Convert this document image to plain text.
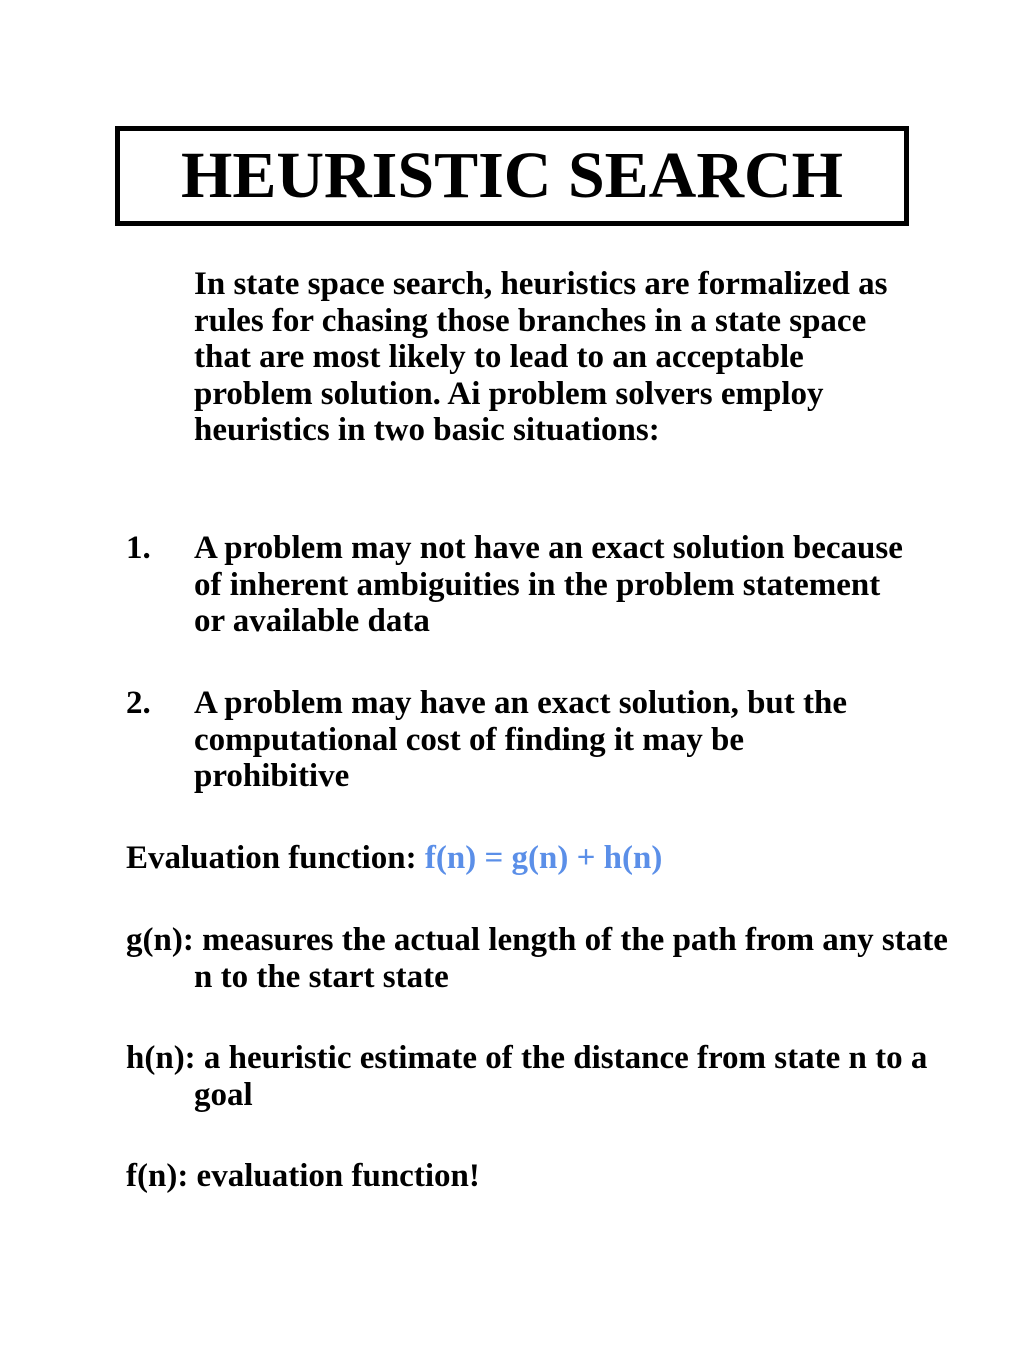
HEURISTIC SEARCH
In state space search, heuristics are formalized as rules for chasing those branches in a state space that are most likely to lead to an acceptable problem solution. Ai problem solvers employ heuristics in two basic situations:
1. A problem may not have an exact solution because of inherent ambiguities in the problem statement or available data
2. A problem may have an exact solution, but the computational cost of finding it may be prohibitive
Evaluation function: f(n) = g(n) + h(n)
g(n): measures the actual length of the path from any state n to the start state
h(n): a heuristic estimate of the distance from state n to a goal
f(n): evaluation function!
